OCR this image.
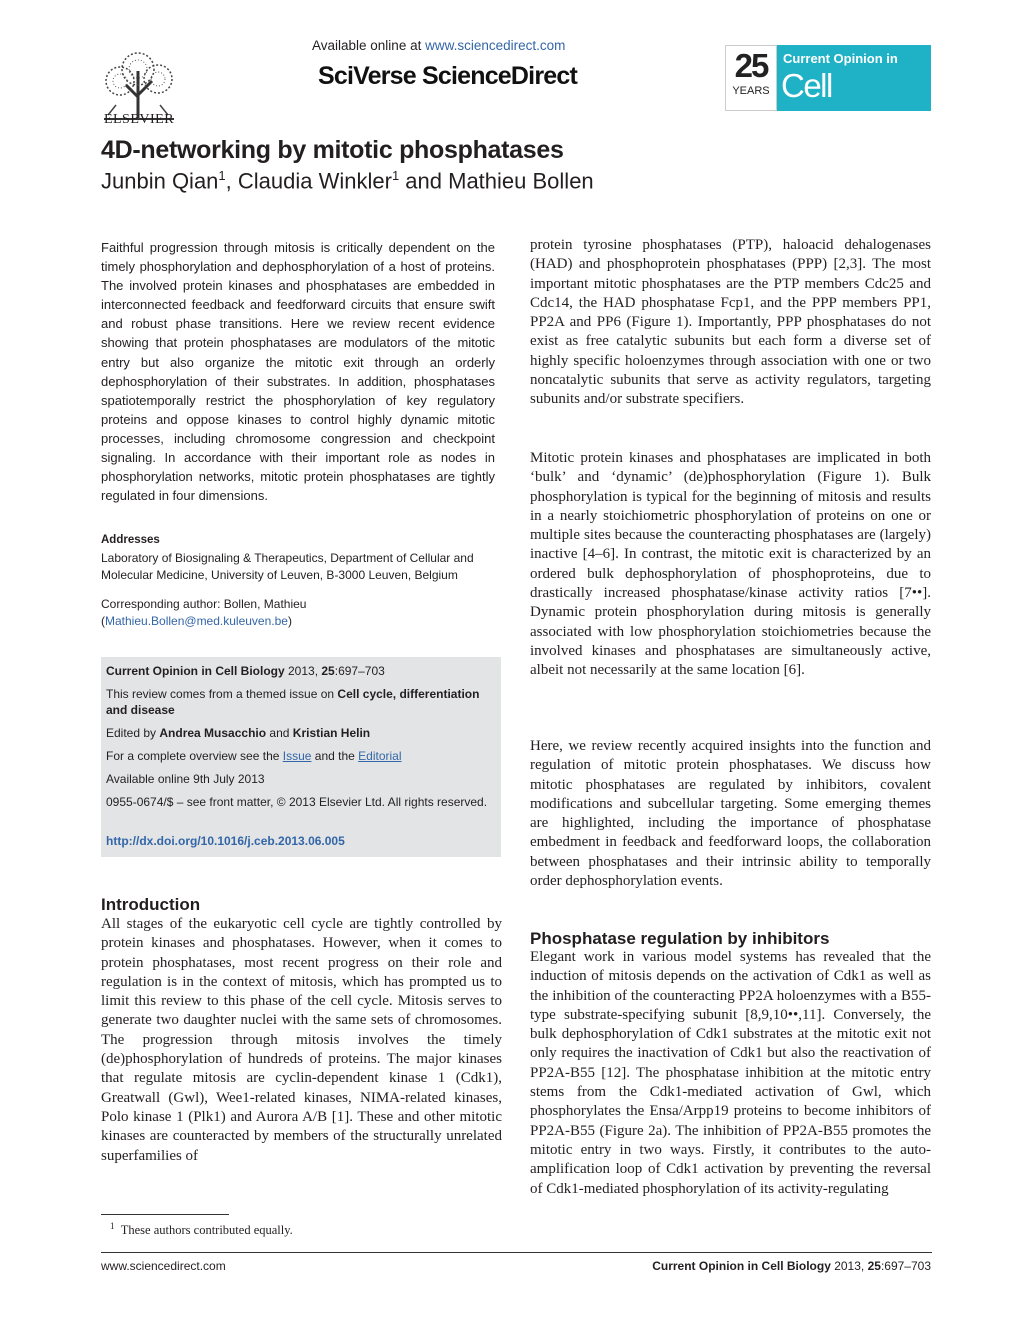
ELSEVIER
Available online at www.sciencedirect.com
SciVerse ScienceDirect	25
YEARS
Current Opinion in
Cell Biology
4D-networking by mitotic phosphatases
Junbin Qian$^1$, Claudia Winkler$^1$ and Mathieu Bollen
Faithful progression through mitosis is critically dependent on the timely phosphorylation and dephosphorylation of a host of proteins. The involved protein kinases and phosphatases are embedded in interconnected feedback and feedforward circuits that ensure swift and robust phase transitions. Here we review recent evidence showing that protein phosphatases are modulators of the mitotic entry but also organize the mitotic exit through an orderly dephosphorylation of their substrates. In addition, phosphatases spatiotemporally restrict the phosphorylation of key regulatory proteins and oppose kinases to control highly dynamic mitotic processes, including chromosome congression and checkpoint signaling. In accordance with their important role as nodes in phosphorylation networks, mitotic protein phosphatases are tightly regulated in four dimensions.
Addresses
Laboratory of Biosignaling & Therapeutics, Department of Cellular and Molecular Medicine, University of Leuven, B-3000 Leuven, Belgium
Corresponding author: Bollen, Mathieu
(Mathieu.Bollen@med.kuleuven.be)

Current Opinion in Cell Biology 2013, 25:697–703

This review comes from a themed issue on Cell cycle, differentiation and disease

Edited by Andrea Musacchio and Kristian Helin

For a complete overview see the Issue and the Editorial

Available online 9th July 2013

0955-0674/$ – see front matter, © 2013 Elsevier Ltd. All rights reserved.

http://dx.doi.org/10.1016/j.ceb.2013.06.005

Introduction
All stages of the eukaryotic cell cycle are tightly controlled by protein kinases and phosphatases. However, when it comes to protein phosphatases, most recent progress on their role and regulation is in the context of mitosis, which has prompted us to limit this review to this phase of the cell cycle. Mitosis serves to generate two daughter nuclei with the same sets of chromosomes. The progression through mitosis involves the timely (de)phosphorylation of hundreds of proteins. The major kinases that regulate mitosis are cyclin-dependent kinase 1 (Cdk1), Greatwall (Gwl), Wee1-related kinases, NIMA-related kinases, Polo kinase 1 (Plk1) and Aurora A/B [1]. These and other mitotic kinases are counteracted by members of the structurally unrelated superfamilies of
protein tyrosine phosphatases (PTP), haloacid dehalogenases (HAD) and phosphoprotein phosphatases (PPP) [2,3]. The most important mitotic phosphatases are the PTP members Cdc25 and Cdc14, the HAD phosphatase Fcp1, and the PPP members PP1, PP2A and PP6 (Figure 1). Importantly, PPP phosphatases do not exist as free catalytic subunits but each form a diverse set of highly specific holoenzymes through association with one or two noncatalytic subunits that serve as activity regulators, targeting subunits and/or substrate specifiers.
Mitotic protein kinases and phosphatases are implicated in both ‘bulk’ and ‘dynamic’ (de)phosphorylation (Figure 1). Bulk phosphorylation is typical for the beginning of mitosis and results in a nearly stoichiometric phosphorylation of proteins on one or multiple sites because the counteracting phosphatases are (largely) inactive [4–6]. In contrast, the mitotic exit is characterized by an ordered bulk dephosphorylation of phosphoproteins, due to drastically increased phosphatase/kinase activity ratios [7••]. Dynamic protein phosphorylation during mitosis is generally associated with low phosphorylation stoichiometries because the involved kinases and phosphatases are simultaneously active, albeit not necessarily at the same location [6].
Here, we review recently acquired insights into the function and regulation of mitotic protein phosphatases. We discuss how mitotic phosphatases are regulated by inhibitors, covalent modifications and subcellular targeting. Some emerging themes are highlighted, including the importance of phosphatase embedment in feedback and feedforward loops, the collaboration between phosphatases and their intrinsic ability to temporally order dephosphorylation events.
Phosphatase regulation by inhibitors
Elegant work in various model systems has revealed that the induction of mitosis depends on the activation of Cdk1 as well as the inhibition of the counteracting PP2A holoenzymes with a B55-type substrate-specifying subunit [8,9,10••,11]. Conversely, the bulk dephosphorylation of Cdk1 substrates at the mitotic exit not only requires the inactivation of Cdk1 but also the reactivation of PP2A-B55 [12]. The phosphatase inhibition at the mitotic entry stems from the Cdk1-mediated activation of Gwl, which phosphorylates the Ensa/Arpp19 proteins to become inhibitors of PP2A-B55 (Figure 2a). The inhibition of PP2A-B55 promotes the mitotic entry in two ways. Firstly, it contributes to the auto-amplification loop of Cdk1 activation by preventing the reversal of Cdk1-mediated phosphorylation of its activity-regulating
$^1$ These authors contributed equally.
www.sciencedirect.com	Current Opinion in Cell Biology 2013, 25:697–703
